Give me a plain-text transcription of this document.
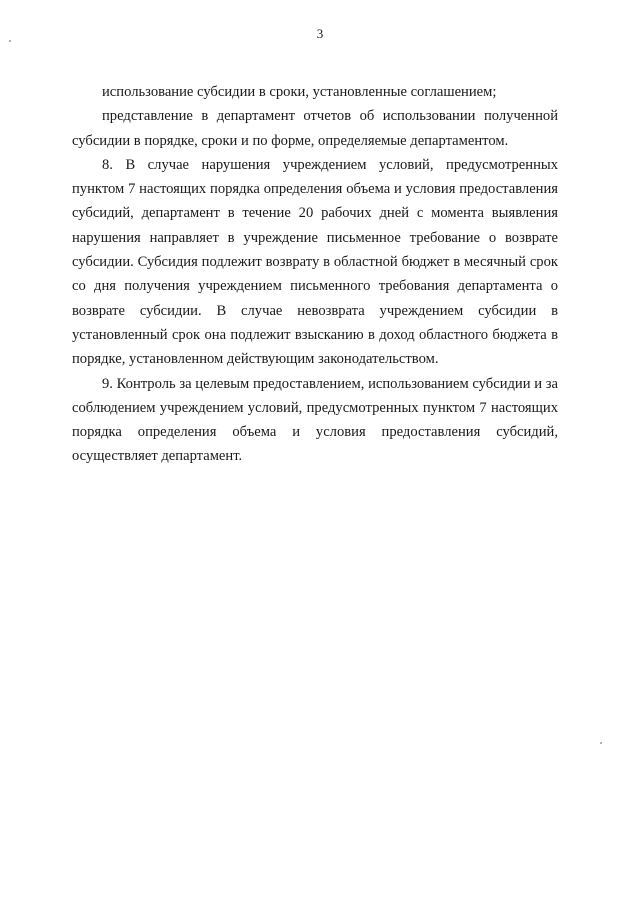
3

использование субсидии в сроки, установленные соглашением;

представление в департамент отчетов об использовании полученной субсидии в порядке, сроки и по форме, определяемые департаментом.

8. В случае нарушения учреждением условий, предусмотренных пунктом 7 настоящих порядка определения объема и условия предоставления субсидий, департамент в течение 20 рабочих дней с момента выявления нарушения направляет в учреждение письменное требование о возврате субсидии. Субсидия подлежит возврату в областной бюджет в месячный срок со дня получения учреждением письменного требования департамента о возврате субсидии. В случае невозврата учреждением субсидии в установленный срок она подлежит взысканию в доход областного бюджета в порядке, установленном действующим законодательством.

9. Контроль за целевым предоставлением, использованием субсидии и за соблюдением учреждением условий, предусмотренных пунктом 7 настоящих порядка определения объема и условия предоставления субсидий, осуществляет департамент.
